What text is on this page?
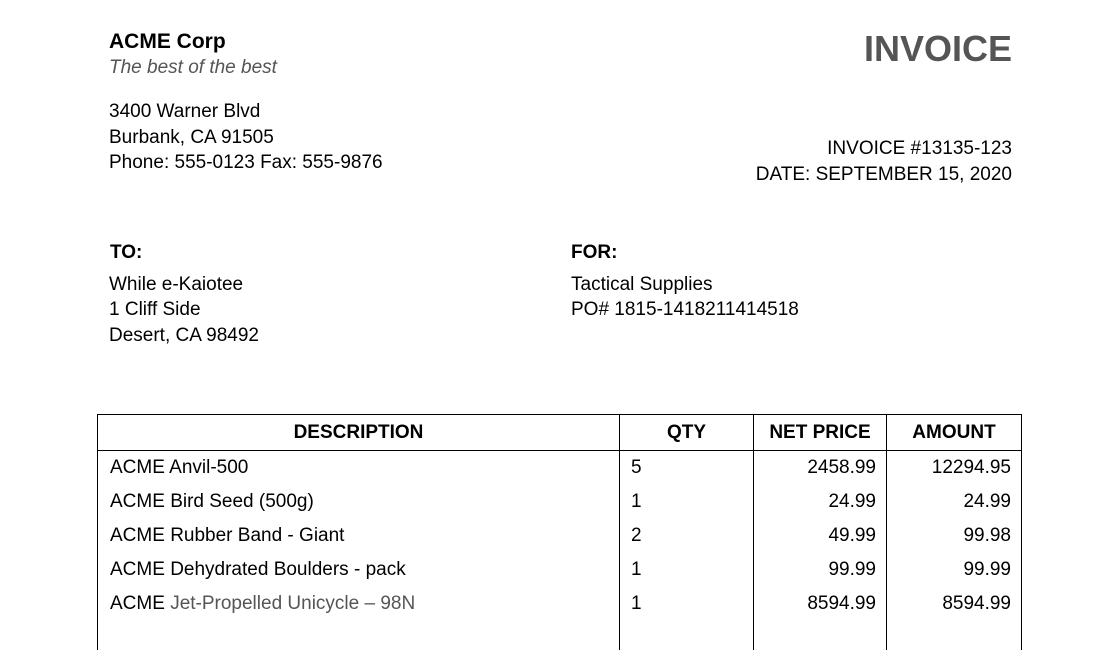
ACME Corp
The best of the best
3400 Warner Blvd
Burbank, CA 91505
Phone: 555-0123 Fax: 555-9876
INVOICE
INVOICE #13135-123
DATE: SEPTEMBER 15, 2020
TO:
While e-Kaiotee
1 Cliff Side
Desert, CA 98492
FOR:
Tactical Supplies
PO# 1815-1418211414518
DESCRIPTION	QTY	NET PRICE	AMOUNT
ACME Anvil-500	5	2458.99	12294.95
ACME Bird Seed (500g)	1	24.99	24.99
ACME Rubber Band - Giant	2	49.99	99.98
ACME Dehydrated Boulders - pack	1	99.99	99.99
ACME Jet-Propelled Unicycle – 98N	1	8594.99	8594.99
